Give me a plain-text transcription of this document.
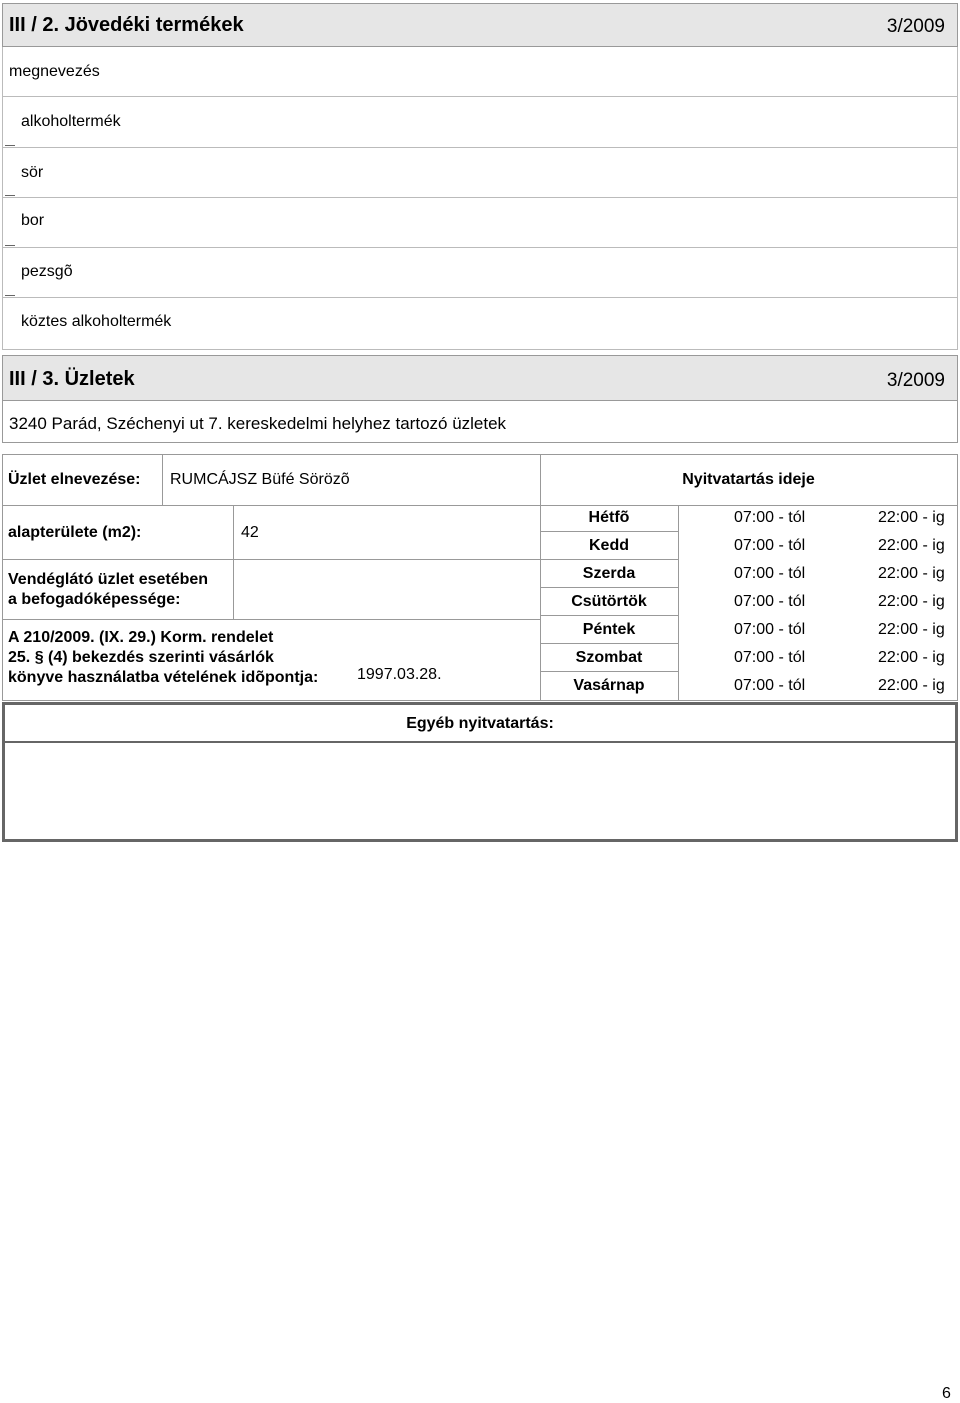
III / 2. Jövedéki termékek	3/2009
megnevezés
alkoholtermék
sör
bor
pezsgõ
köztes alkoholtermék
III / 3. Üzletek	3/2009
3240 Parád, Széchenyi ut 7. kereskedelmi helyhez tartozó üzletek
Üzlet elnevezése: RUMCÁJSZ Büfé Sörözõ	Nyitvatartás ideje
alapterülete (m2):	42
Vendéglátó üzlet esetében
a befogadóképessége:
A 210/2009. (IX. 29.) Korm. rendelet
25. § (4) bekezdés szerinti vásárlók
könyve használatba vételének idõpontja: 1997.03.28.
Hétfõ	07:00 - tól	22:00 - ig
Kedd	07:00 - tól	22:00 - ig
Szerda	07:00 - tól	22:00 - ig
Csütörtök	07:00 - tól	22:00 - ig
Péntek	07:00 - tól	22:00 - ig
Szombat	07:00 - tól	22:00 - ig
Vasárnap	07:00 - tól	22:00 - ig
Egyéb nyitvatartás:
6
